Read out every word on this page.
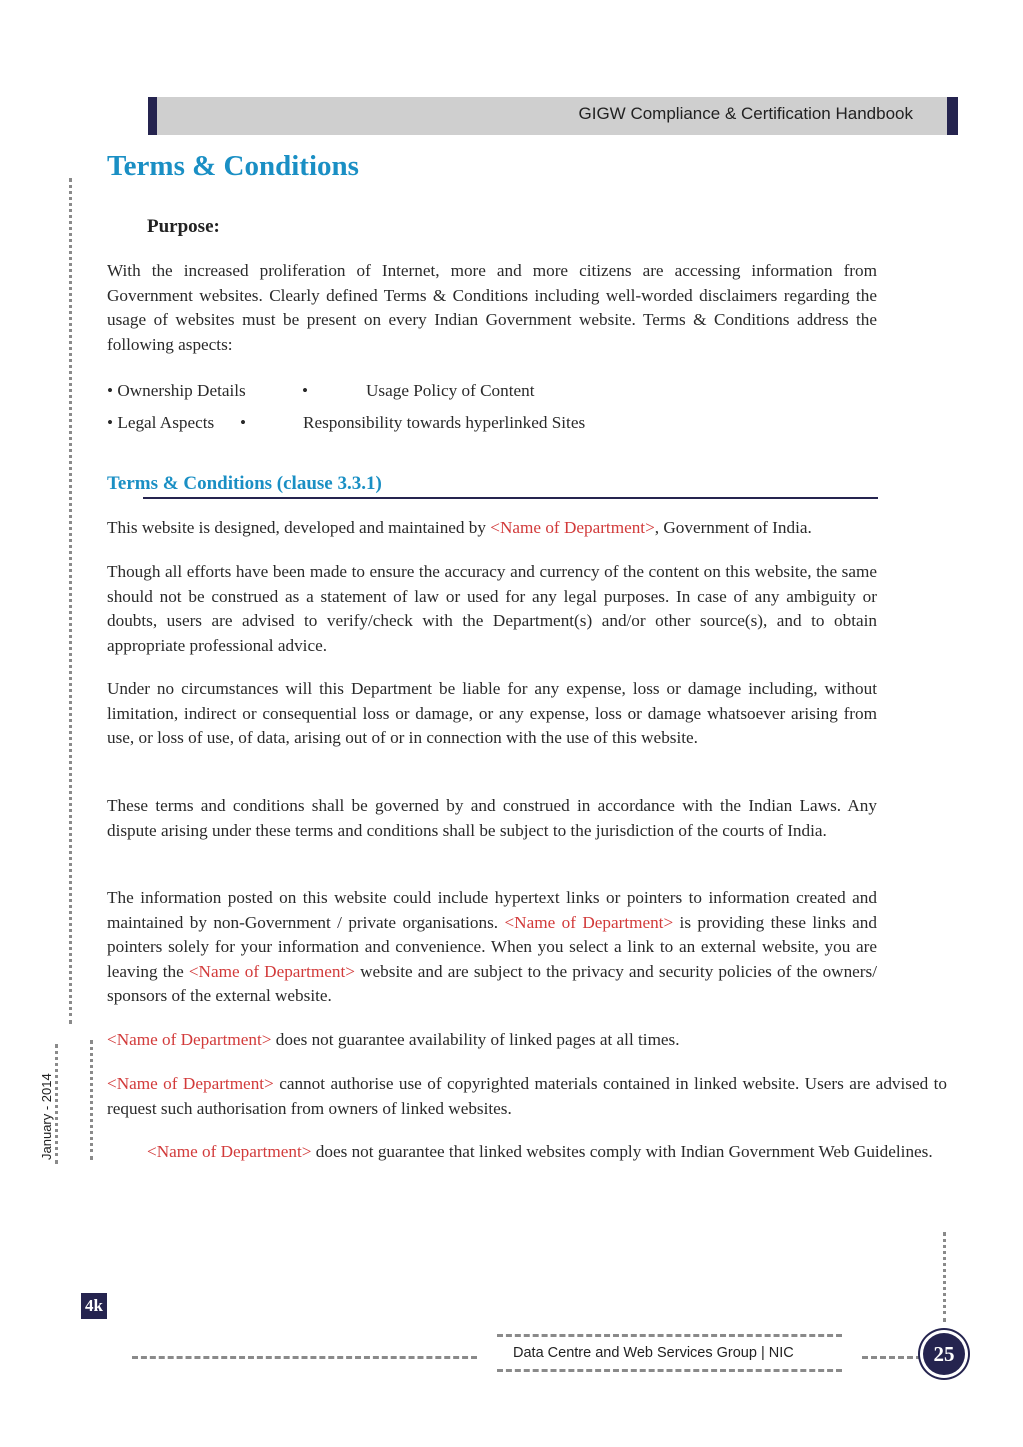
GIGW Compliance & Certification Handbook
January - 2014
Terms & Conditions
Purpose:

With the increased proliferation of Internet, more and more citizens are accessing information from Government websites. Clearly defined Terms & Conditions including well-worded disclaimers regarding the usage of websites must be present on every Indian Government website. Terms & Conditions address the following aspects:

• Ownership Details	•	Usage Policy of Content
• Legal Aspects •	Responsibility towards hyperlinked Sites
Terms & Conditions (clause 3.3.1)

This website is designed, developed and maintained by <Name of Department>, Government of India.

Though all efforts have been made to ensure the accuracy and currency of the content on this website, the same should not be construed as a statement of law or used for any legal purposes. In case of any ambiguity or doubts, users are advised to verify/check with the Department(s) and/or other source(s), and to obtain appropriate professional advice.

Under no circumstances will this Department be liable for any expense, loss or damage including, without limitation, indirect or consequential loss or damage, or any expense, loss or damage whatsoever arising from use, or loss of use, of data, arising out of or in connection with the use of this website.

These terms and conditions shall be governed by and construed in accordance with the Indian Laws. Any dispute arising under these terms and conditions shall be subject to the jurisdiction of the courts of India.

The information posted on this website could include hypertext links or pointers to information created and maintained by non-Government / private organisations. <Name of Department> is providing these links and pointers solely for your information and convenience. When you select a link to an external website, you are leaving the <Name of Department> website and are subject to the privacy and security policies of the owners/ sponsors of the external website.

<Name of Department> does not guarantee availability of linked pages at all times.

<Name of Department> cannot authorise use of copyrighted materials contained in linked website. Users are advised to request such authorisation from owners of linked websites.

<Name of Department> does not guarantee that linked websites comply with Indian Government Web Guidelines.

4k
Data Centre and Web Services Group | NIC	25
